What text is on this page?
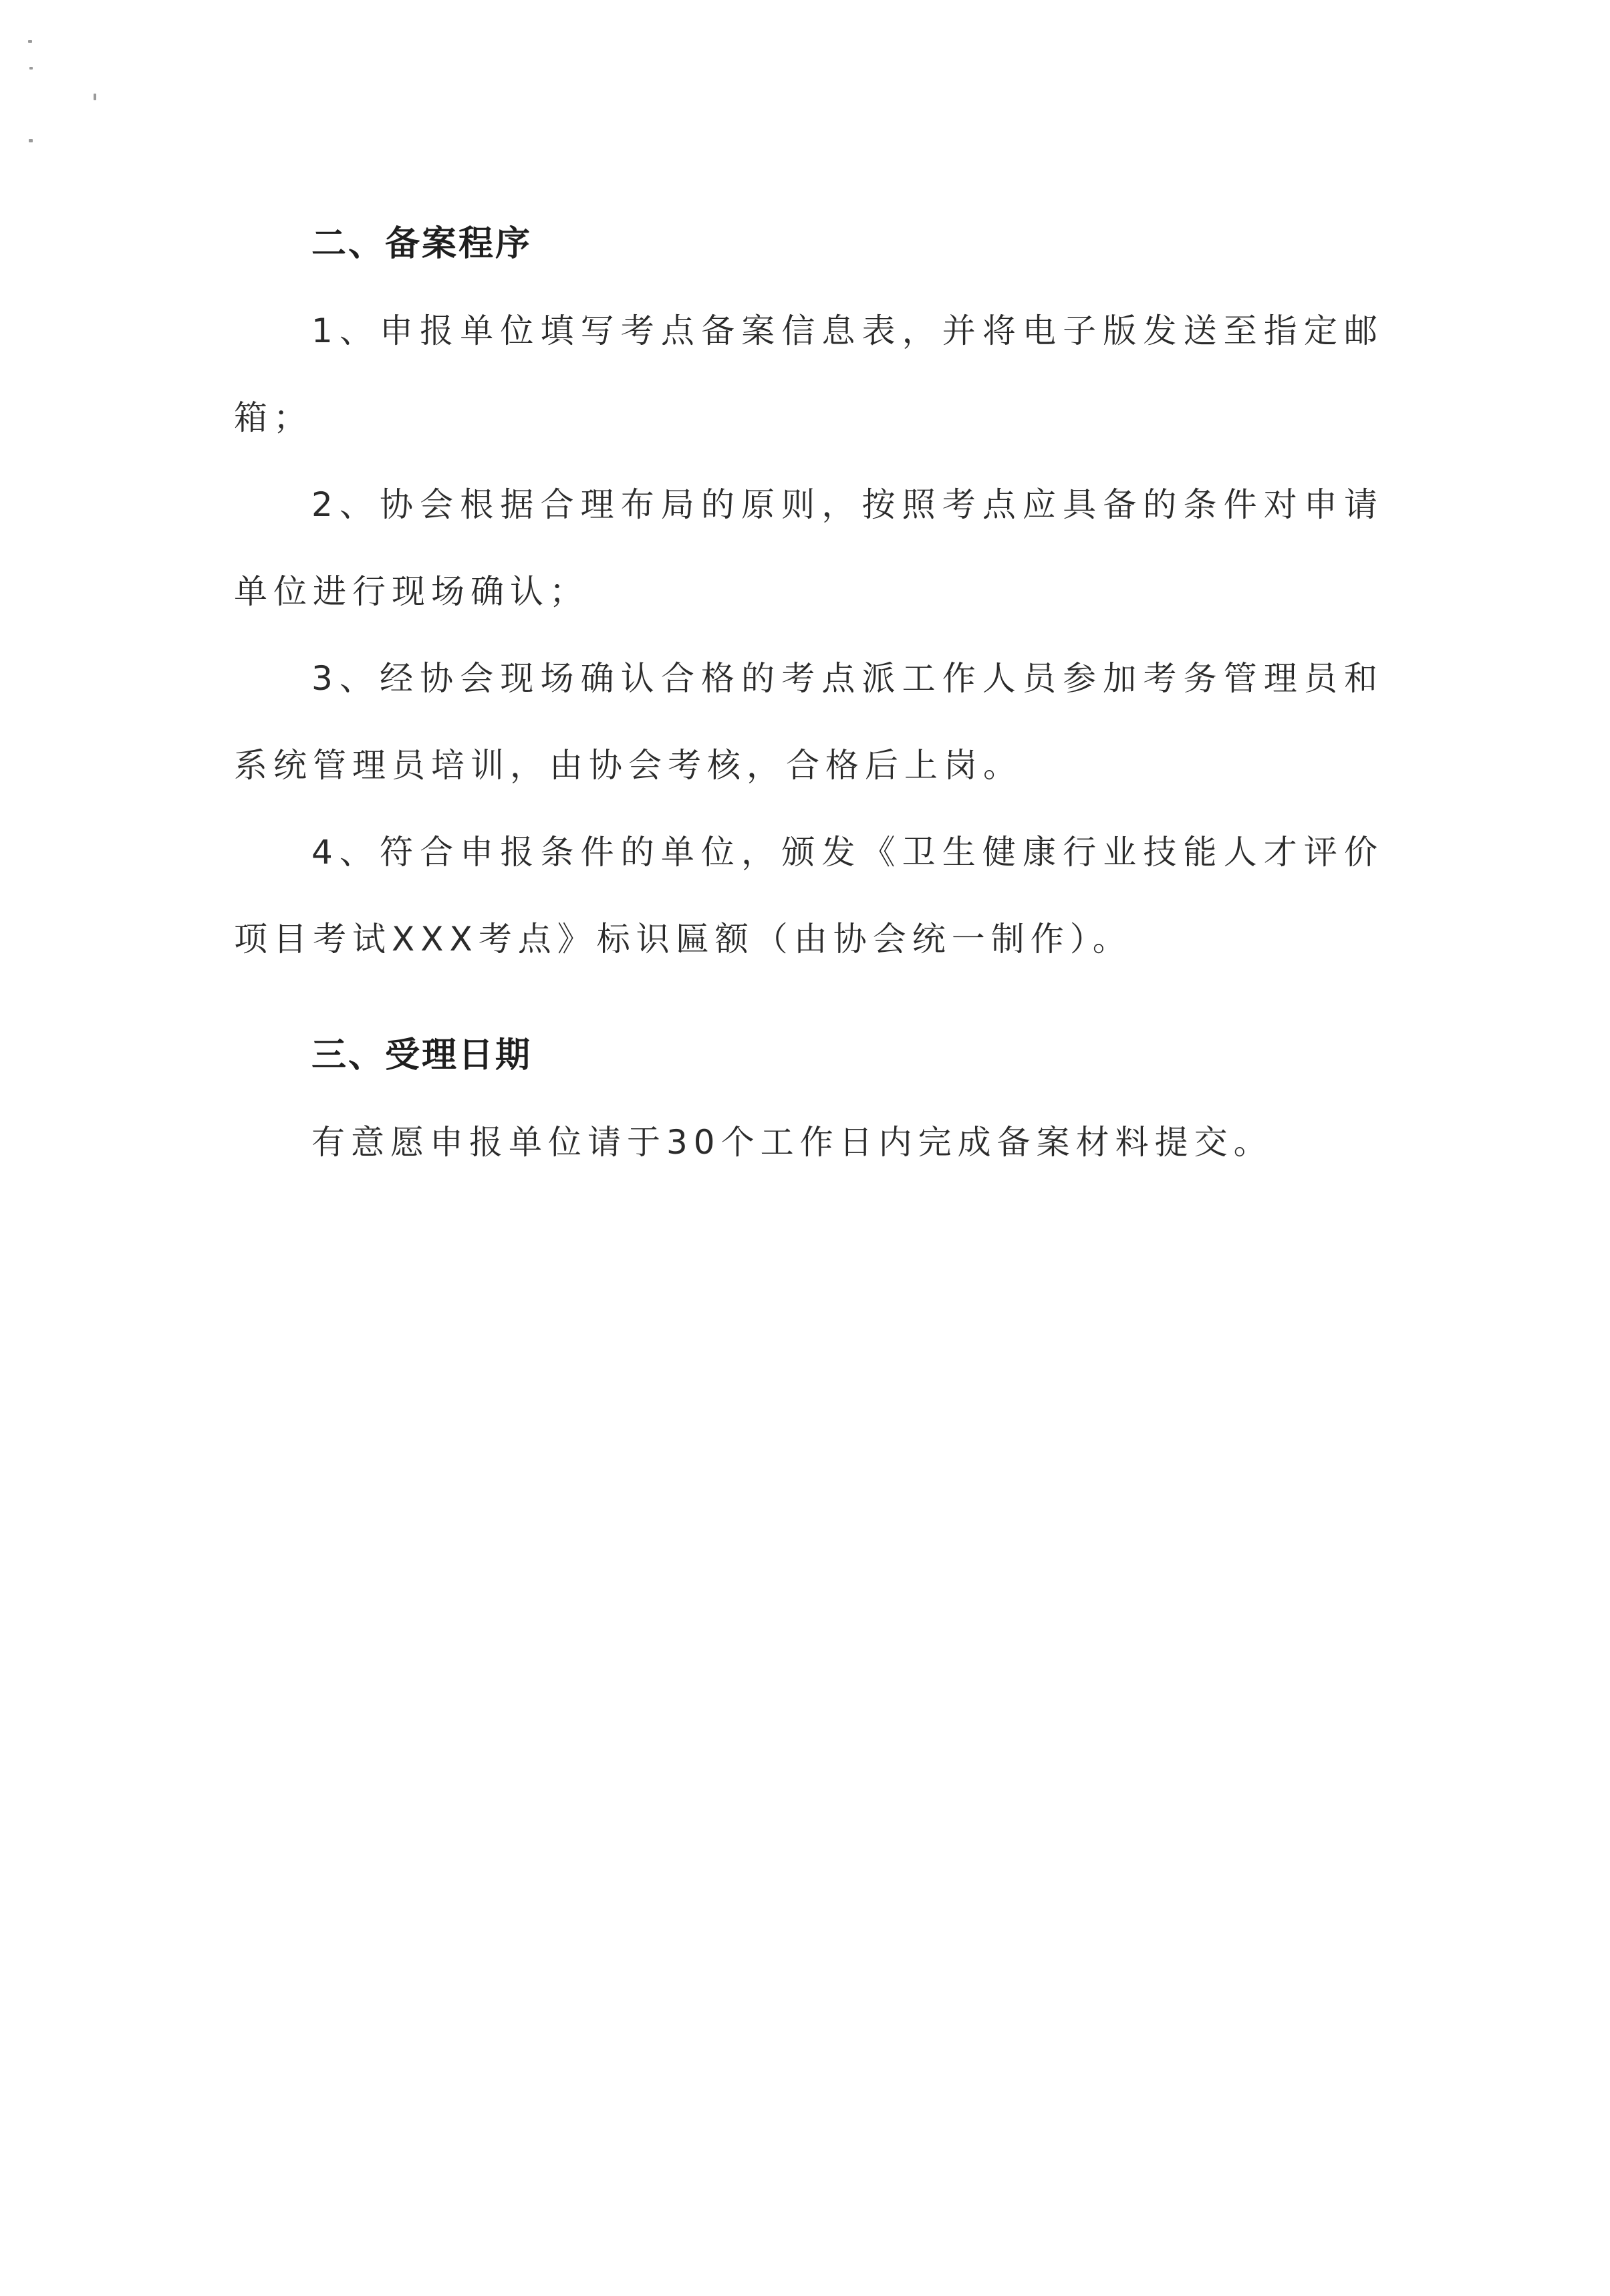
二、备案程序

1、申报单位填写考点备案信息表，并将电子版发送至指定邮箱；

2、协会根据合理布局的原则，按照考点应具备的条件对申请单位进行现场确认；

3、经协会现场确认合格的考点派工作人员参加考务管理员和系统管理员培训，由协会考核，合格后上岗。

4、符合申报条件的单位，颁发《卫生健康行业技能人才评价项目考试XXX考点》标识匾额（由协会统一制作）。

三、受理日期

有意愿申报单位请于30个工作日内完成备案材料提交。
